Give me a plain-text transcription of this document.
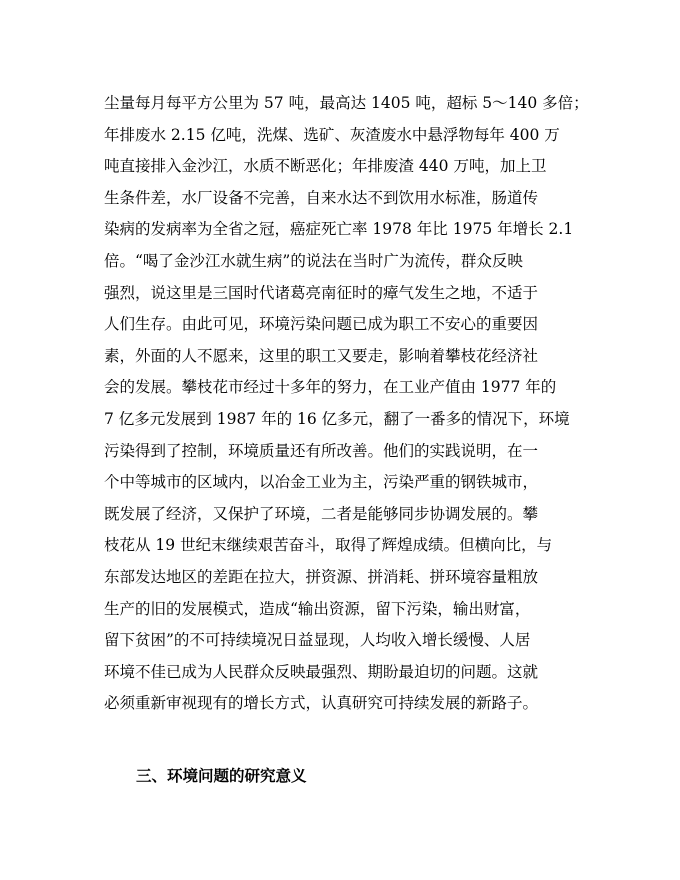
尘量每月每平方公里为 57 吨，最高达 1405 吨，超标 5～140 多倍；
年排废水 2.15 亿吨，洗煤、选矿、灰渣废水中悬浮物每年 400 万
吨直接排入金沙江，水质不断恶化；年排废渣 440 万吨，加上卫
生条件差，水厂设备不完善，自来水达不到饮用水标准，肠道传
染病的发病率为全省之冠，癌症死亡率 1978 年比 1975 年增长 2.1
倍。“喝了金沙江水就生病”的说法在当时广为流传，群众反映
强烈，说这里是三国时代诸葛亮南征时的瘴气发生之地，不适于
人们生存。由此可见，环境污染问题已成为职工不安心的重要因
素，外面的人不愿来，这里的职工又要走，影响着攀枝花经济社
会的发展。攀枝花市经过十多年的努力，在工业产值由 1977 年的
7 亿多元发展到 1987 年的 16 亿多元，翻了一番多的情况下，环境
污染得到了控制，环境质量还有所改善。他们的实践说明，在一
个中等城市的区域内，以冶金工业为主，污染严重的钢铁城市，
既发展了经济，又保护了环境，二者是能够同步协调发展的。攀
枝花从 19 世纪末继续艰苦奋斗，取得了辉煌成绩。但横向比，与
东部发达地区的差距在拉大，拼资源、拼消耗、拼环境容量粗放
生产的旧的发展模式，造成“输出资源，留下污染，输出财富，
留下贫困”的不可持续境况日益显现，人均收入增长缓慢、人居
环境不佳已成为人民群众反映最强烈、期盼最迫切的问题。这就
必须重新审视现有的增长方式，认真研究可持续发展的新路子。
三、环境问题的研究意义
